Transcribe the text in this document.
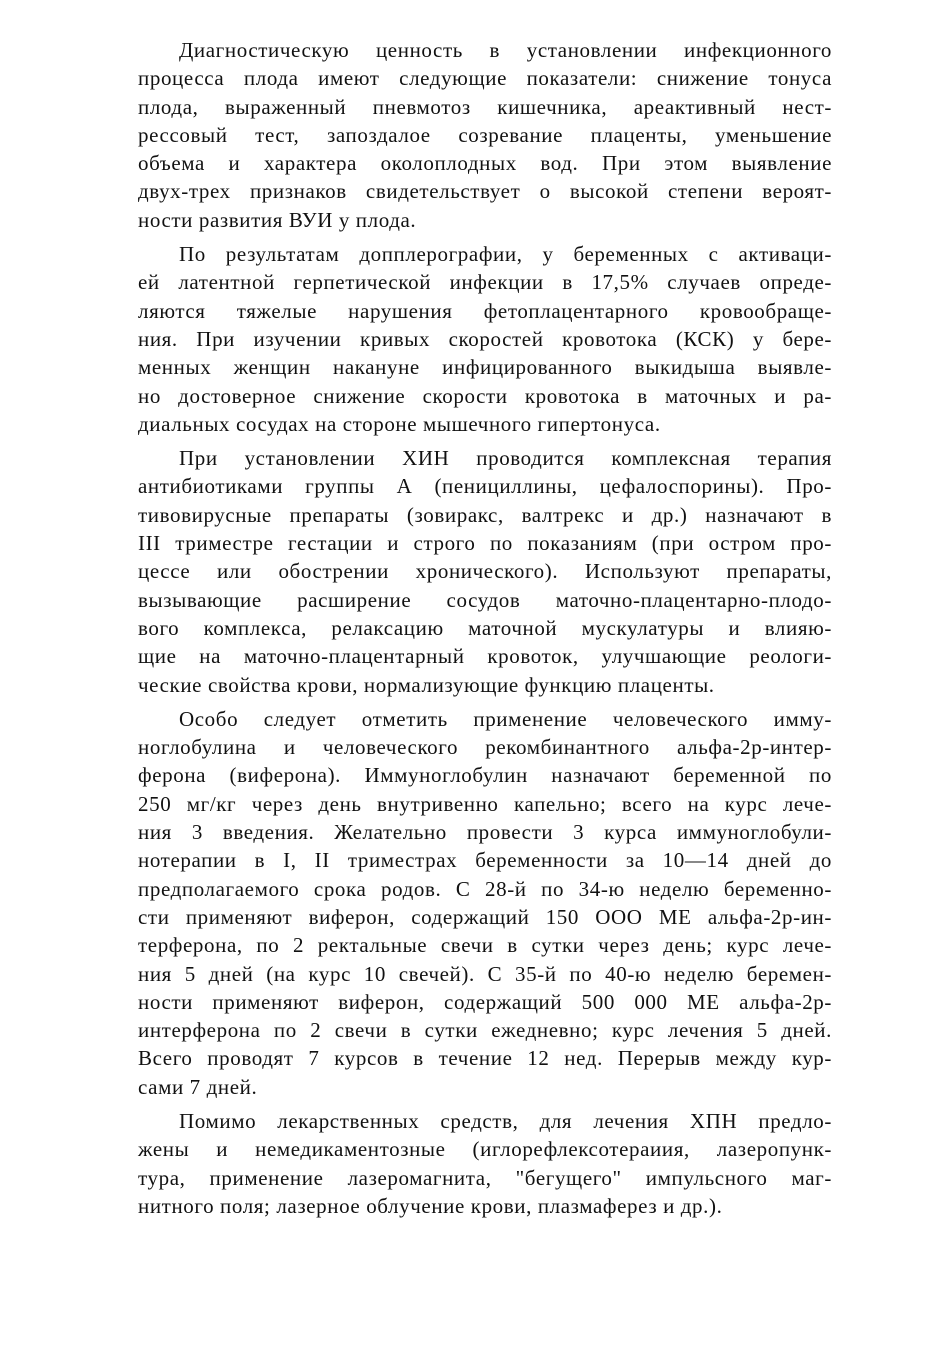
Диагностическую ценность в установлении инфекционного
процесса плода имеют следующие показатели: снижение тонуса
плода, выраженный пневмотоз кишечника, ареактивный нест-
рессовый тест, запоздалое созревание плаценты, уменьшение
объема и характера околоплодных вод. При этом выявление
двух-трех признаков свидетельствует о высокой степени вероят-
ности развития ВУИ у плода.
По результатам допплерографии, у беременных с активаци-
ей латентной герпетической инфекции в 17,5% случаев опреде-
ляются тяжелые нарушения фетоплацентарного кровообраще-
ния. При изучении кривых скоростей кровотока (КСК) у бере-
менных женщин накануне инфицированного выкидыша выявле-
но достоверное снижение скорости кровотока в маточных и ра-
диальных сосудах на стороне мышечного гипертонуса.
При установлении ХИН проводится комплексная терапия
антибиотиками группы А (пенициллины, цефалоспорины). Про-
тивовирусные препараты (зовиракс, валтрекс и др.) назначают в
III триместре гестации и строго по показаниям (при остром про-
цессе или обострении хронического). Используют препараты,
вызывающие расширение сосудов маточно-плацентарно-плодо-
вого комплекса, релаксацию маточной мускулатуры и влияю-
щие на маточно-плацентарный кровоток, улучшающие реологи-
ческие свойства крови, нормализующие функцию плаценты.
Особо следует отметить применение человеческого имму-
ноглобулина и человеческого рекомбинантного альфа-2р-интер-
ферона (виферона). Иммуноглобулин назначают беременной по
250 мг/кг через день внутривенно капельно; всего на курс лече-
ния 3 введения. Желательно провести 3 курса иммуноглобули-
нотерапии в I, II триместрах беременности за 10—14 дней до
предполагаемого срока родов. С 28-й по 34-ю неделю беременно-
сти применяют виферон, содержащий 150 ООО ME альфа-2р-ин-
терферона, по 2 ректальные свечи в сутки через день; курс лече-
ния 5 дней (на курс 10 свечей). С 35-й по 40-ю неделю беремен-
ности применяют виферон, содержащий 500 000 ME альфа-2р-
интерферона по 2 свечи в сутки ежедневно; курс лечения 5 дней.
Всего проводят 7 курсов в течение 12 нед. Перерыв между кур-
сами 7 дней.
Помимо лекарственных средств, для лечения ХПН предло-
жены и немедикаментозные (иглорефлексотераиия, лазеропунк-
тура, применение лазеромагнита, "бегущего" импульсного маг-
нитного поля; лазерное облучение крови, плазмаферез и др.).
